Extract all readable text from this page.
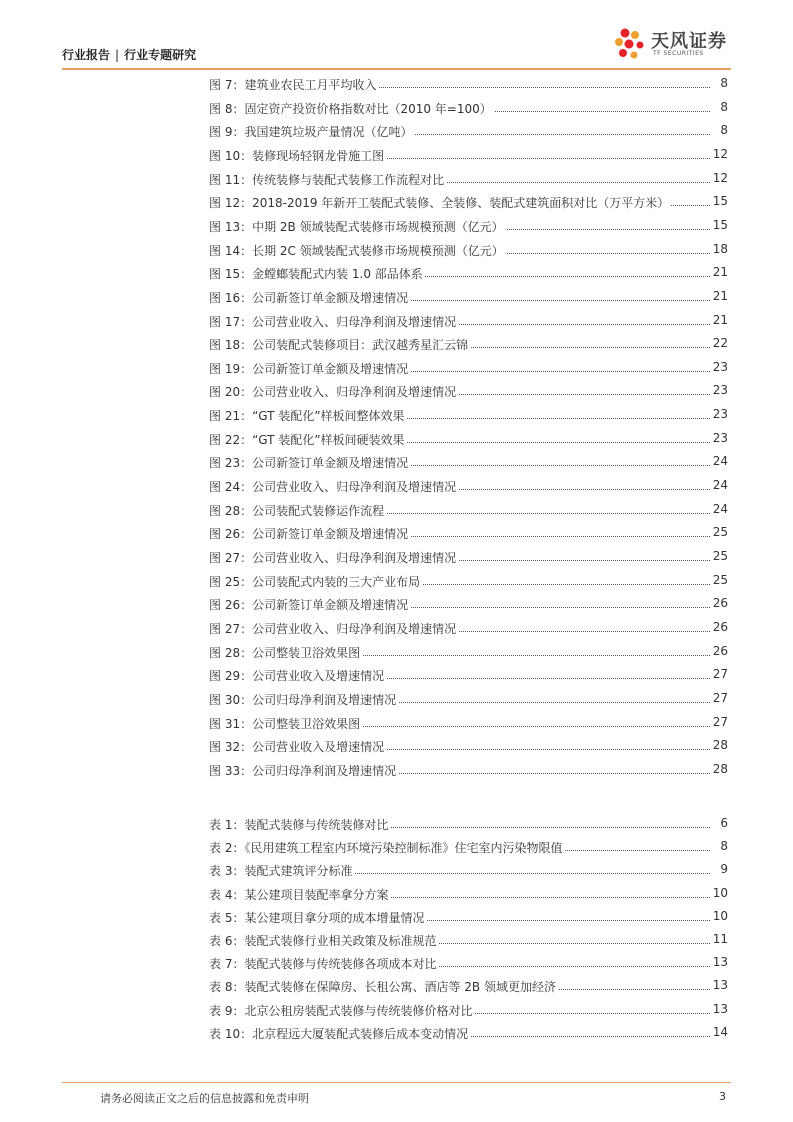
行业报告 | 行业专题研究
天风证券
TF SECURITIES
图 7：建筑业农民工月平均收入	8
图 8：固定资产投资价格指数对比（2010 年=100）	8
图 9：我国建筑垃圾产量情况（亿吨）	8
图 10：装修现场轻钢龙骨施工图	12
图 11：传统装修与装配式装修工作流程对比	12
图 12：2018-2019 年新开工装配式装修、全装修、装配式建筑面积对比（万平方米）	15
图 13：中期 2B 领域装配式装修市场规模预测（亿元）	15
图 14：长期 2C 领域装配式装修市场规模预测（亿元）	18
图 15：金螳螂装配式内装 1.0 部品体系	21
图 16：公司新签订单金额及增速情况	21
图 17：公司营业收入、归母净利润及增速情况	21
图 18：公司装配式装修项目：武汉越秀星汇云锦	22
图 19：公司新签订单金额及增速情况	23
图 20：公司营业收入、归母净利润及增速情况	23
图 21：“GT 装配化”样板间整体效果	23
图 22：“GT 装配化”样板间硬装效果	23
图 23：公司新签订单金额及增速情况	24
图 24：公司营业收入、归母净利润及增速情况	24
图 28：公司装配式装修运作流程	24
图 26：公司新签订单金额及增速情况	25
图 27：公司营业收入、归母净利润及增速情况	25
图 25：公司装配式内装的三大产业布局	25
图 26：公司新签订单金额及增速情况	26
图 27：公司营业收入、归母净利润及增速情况	26
图 28：公司整装卫浴效果图	26
图 29：公司营业收入及增速情况	27
图 30：公司归母净利润及增速情况	27
图 31：公司整装卫浴效果图	27
图 32：公司营业收入及增速情况	28
图 33：公司归母净利润及增速情况	28
表 1：装配式装修与传统装修对比	6
表 2：《民用建筑工程室内环境污染控制标准》住宅室内污染物限值	8
表 3：装配式建筑评分标准	9
表 4：某公建项目装配率拿分方案	10
表 5：某公建项目拿分项的成本增量情况	10
表 6：装配式装修行业相关政策及标准规范	11
表 7：装配式装修与传统装修各项成本对比	13
表 8：装配式装修在保障房、长租公寓、酒店等 2B 领域更加经济	13
表 9：北京公租房装配式装修与传统装修价格对比	13
表 10：北京程远大厦装配式装修后成本变动情况	14
请务必阅读正文之后的信息披露和免责申明	3
